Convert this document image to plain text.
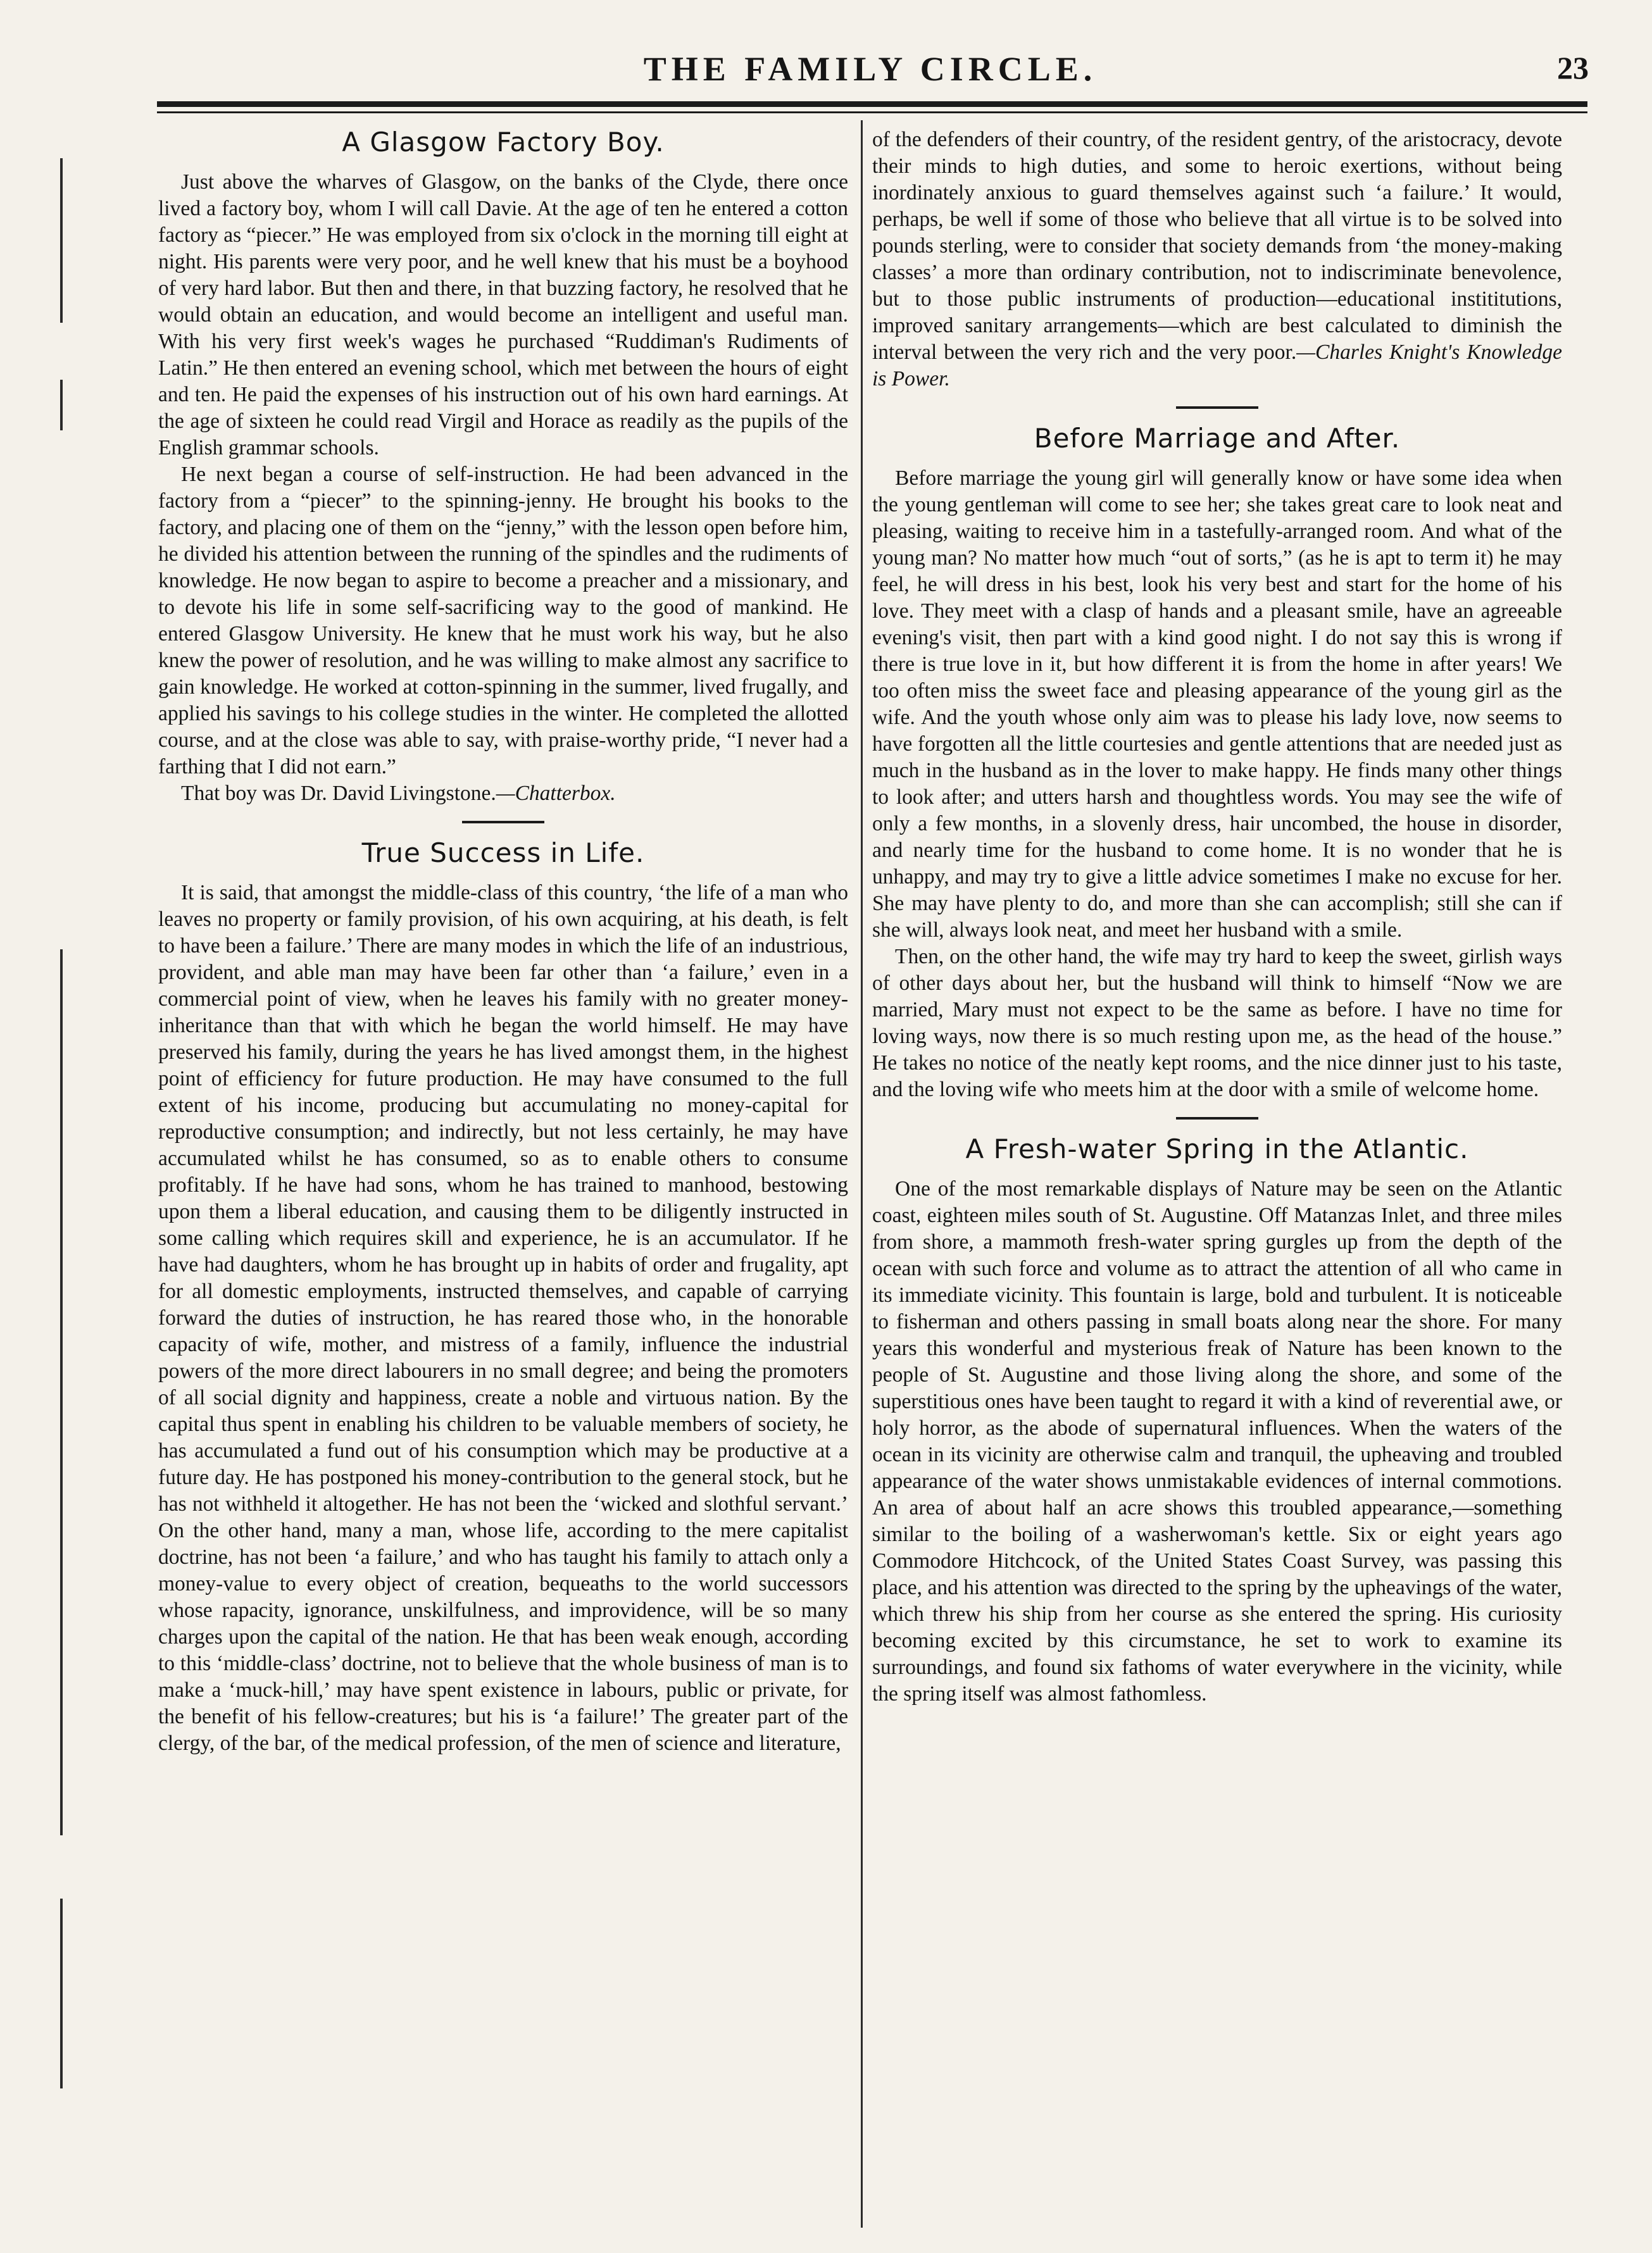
THE FAMILY CIRCLE.	23
A Glasgow Factory Boy.

Just above the wharves of Glasgow, on the banks of the Clyde, there once lived a factory boy, whom I will call Davie. At the age of ten he entered a cotton factory as “piecer.” He was employed from six o'clock in the morning till eight at night. His parents were very poor, and he well knew that his must be a boyhood of very hard labor. But then and there, in that buzzing factory, he resolved that he would obtain an education, and would become an intelligent and useful man. With his very first week's wages he purchased “Ruddiman's Rudiments of Latin.” He then entered an evening school, which met between the hours of eight and ten. He paid the expenses of his instruction out of his own hard earnings. At the age of sixteen he could read Virgil and Horace as readily as the pupils of the English grammar schools.

He next began a course of self-instruction. He had been advanced in the factory from a “piecer” to the spinning-jenny. He brought his books to the factory, and placing one of them on the “jenny,” with the lesson open before him, he divided his attention between the running of the spindles and the rudiments of knowledge. He now began to aspire to become a preacher and a missionary, and to devote his life in some self-sacrificing way to the good of mankind. He entered Glasgow University. He knew that he must work his way, but he also knew the power of resolution, and he was willing to make almost any sacrifice to gain knowledge. He worked at cotton-spinning in the summer, lived frugally, and applied his savings to his college studies in the winter. He completed the allotted course, and at the close was able to say, with praise-worthy pride, “I never had a farthing that I did not earn.”

That boy was Dr. David Livingstone.—Chatterbox.

True Success in Life.

It is said, that amongst the middle-class of this country, ‘the life of a man who leaves no property or family provision, of his own acquiring, at his death, is felt to have been a failure.’ There are many modes in which the life of an industrious, provident, and able man may have been far other than ‘a failure,’ even in a commercial point of view, when he leaves his family with no greater money-inheritance than that with which he began the world himself. He may have preserved his family, during the years he has lived amongst them, in the highest point of efficiency for future production. He may have consumed to the full extent of his income, producing but accumulating no money-capital for reproductive consumption; and indirectly, but not less certainly, he may have accumulated whilst he has consumed, so as to enable others to consume profitably. If he have had sons, whom he has trained to manhood, bestowing upon them a liberal education, and causing them to be diligently instructed in some calling which requires skill and experience, he is an accumulator. If he have had daughters, whom he has brought up in habits of order and frugality, apt for all domestic employments, instructed themselves, and capable of carrying forward the duties of instruction, he has reared those who, in the honorable capacity of wife, mother, and mistress of a family, influence the industrial powers of the more direct labourers in no small degree; and being the promoters of all social dignity and happiness, create a noble and virtuous nation. By the capital thus spent in enabling his children to be valuable members of society, he has accumulated a fund out of his consumption which may be productive at a future day. He has postponed his money-contribution to the general stock, but he has not withheld it altogether. He has not been the ‘wicked and slothful servant.’ On the other hand, many a man, whose life, according to the mere capitalist doctrine, has not been ‘a failure,’ and who has taught his family to attach only a money-value to every object of creation, bequeaths to the world successors whose rapacity, ignorance, unskilfulness, and improvidence, will be so many charges upon the capital of the nation. He that has been weak enough, according to this ‘middle-class’ doctrine, not to believe that the whole business of man is to make a ‘muck-hill,’ may have spent existence in labours, public or private, for the benefit of his fellow-creatures; but his is ‘a failure!’ The greater part of the clergy, of the bar, of the medical profession, of the men of science and literature,

of the defenders of their country, of the resident gentry, of the aristocracy, devote their minds to high duties, and some to heroic exertions, without being inordinately anxious to guard themselves against such ‘a failure.’ It would, perhaps, be well if some of those who believe that all virtue is to be solved into pounds sterling, were to consider that society demands from ‘the money-making classes’ a more than ordinary contribution, not to indiscriminate benevolence, but to those public instruments of production—educational instititutions, improved sanitary arrangements—which are best calculated to diminish the interval between the very rich and the very poor.—Charles Knight's Knowledge is Power.

Before Marriage and After.

Before marriage the young girl will generally know or have some idea when the young gentleman will come to see her; she takes great care to look neat and pleasing, waiting to receive him in a tastefully-arranged room. And what of the young man? No matter how much “out of sorts,” (as he is apt to term it) he may feel, he will dress in his best, look his very best and start for the home of his love. They meet with a clasp of hands and a pleasant smile, have an agreeable evening's visit, then part with a kind good night. I do not say this is wrong if there is true love in it, but how different it is from the home in after years! We too often miss the sweet face and pleasing appearance of the young girl as the wife. And the youth whose only aim was to please his lady love, now seems to have forgotten all the little courtesies and gentle attentions that are needed just as much in the husband as in the lover to make happy. He finds many other things to look after; and utters harsh and thoughtless words. You may see the wife of only a few months, in a slovenly dress, hair uncombed, the house in disorder, and nearly time for the husband to come home. It is no wonder that he is unhappy, and may try to give a little advice sometimes I make no excuse for her. She may have plenty to do, and more than she can accomplish; still she can if she will, always look neat, and meet her husband with a smile.

Then, on the other hand, the wife may try hard to keep the sweet, girlish ways of other days about her, but the husband will think to himself “Now we are married, Mary must not expect to be the same as before. I have no time for loving ways, now there is so much resting upon me, as the head of the house.” He takes no notice of the neatly kept rooms, and the nice dinner just to his taste, and the loving wife who meets him at the door with a smile of welcome home.

A Fresh-water Spring in the Atlantic.

One of the most remarkable displays of Nature may be seen on the Atlantic coast, eighteen miles south of St. Augustine. Off Matanzas Inlet, and three miles from shore, a mammoth fresh-water spring gurgles up from the depth of the ocean with such force and volume as to attract the attention of all who came in its immediate vicinity. This fountain is large, bold and turbulent. It is noticeable to fisherman and others passing in small boats along near the shore. For many years this wonderful and mysterious freak of Nature has been known to the people of St. Augustine and those living along the shore, and some of the superstitious ones have been taught to regard it with a kind of reverential awe, or holy horror, as the abode of supernatural influences. When the waters of the ocean in its vicinity are otherwise calm and tranquil, the upheaving and troubled appearance of the water shows unmistakable evidences of internal commotions. An area of about half an acre shows this troubled appearance,—something similar to the boiling of a washerwoman's kettle. Six or eight years ago Commodore Hitchcock, of the United States Coast Survey, was passing this place, and his attention was directed to the spring by the upheavings of the water, which threw his ship from her course as she entered the spring. His curiosity becoming excited by this circumstance, he set to work to examine its surroundings, and found six fathoms of water everywhere in the vicinity, while the spring itself was almost fathomless.
